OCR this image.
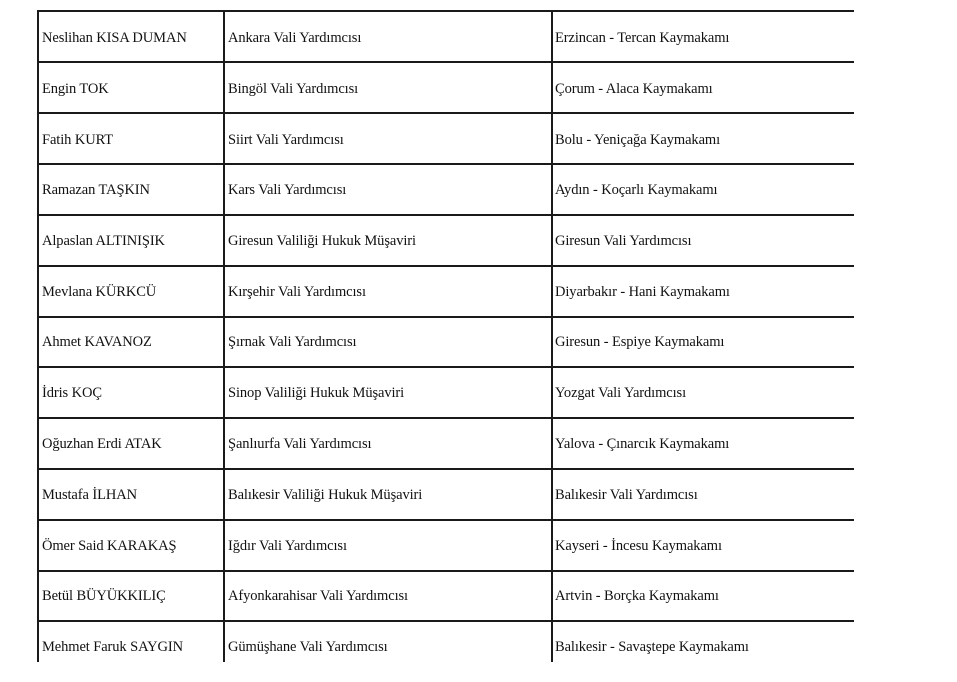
Neslihan KISA DUMAN	Ankara Vali Yardımcısı	Erzincan - Tercan Kaymakamı
Engin TOK	Bingöl Vali Yardımcısı	Çorum - Alaca Kaymakamı
Fatih KURT	Siirt Vali Yardımcısı	Bolu - Yeniçağa Kaymakamı
Ramazan TAŞKIN	Kars Vali Yardımcısı	Aydın - Koçarlı Kaymakamı
Alpaslan ALTINIŞIK	Giresun Valiliği Hukuk Müşaviri	Giresun Vali Yardımcısı
Mevlana KÜRKCÜ	Kırşehir Vali Yardımcısı	Diyarbakır - Hani Kaymakamı
Ahmet KAVANOZ	Şırnak Vali Yardımcısı	Giresun - Espiye Kaymakamı
İdris KOÇ	Sinop Valiliği Hukuk Müşaviri	Yozgat Vali Yardımcısı
Oğuzhan Erdi ATAK	Şanlıurfa Vali Yardımcısı	Yalova - Çınarcık Kaymakamı
Mustafa İLHAN	Balıkesir Valiliği Hukuk Müşaviri	Balıkesir Vali Yardımcısı
Ömer Said KARAKAŞ	Iğdır Vali Yardımcısı	Kayseri - İncesu Kaymakamı
Betül BÜYÜKKILIÇ	Afyonkarahisar Vali Yardımcısı	Artvin - Borçka Kaymakamı
Mehmet Faruk SAYGIN	Gümüşhane Vali Yardımcısı	Balıkesir - Savaştepe Kaymakamı
